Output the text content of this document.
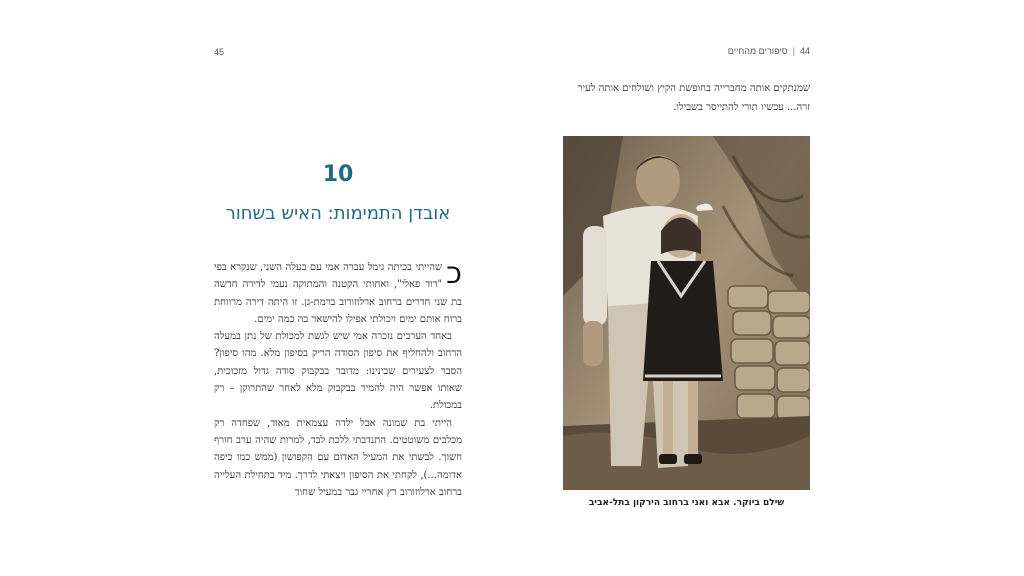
45
10
אובדן התמימות: האיש בשחור

כ
שהייתי בכיתה גימל עברה אמי עם בעלה השני, שנקרא בפי "דוד פאלי", ואחותי הקטנה והמתוקה נעמי לדירה חדשה בת שני חדרים ברחוב ארלוזורוב ברמת-גן. זו היתה דירה מרווחת ברוח אותם ימים ויכולתי אפילו להישאר בה כמה ימים.

באחד הערבים נזכרה אמי שיש לגשת למכולת של נתן במעלה הרחוב ולהחליף את סיפון הסודה הריק בסיפון מלא. מהו סיפון? הסבר לצעירים שבינינו: מדובר בבקבוק סודה גדול מזכוכית, שאותו אפשר היה להמיר בבקבוק מלא לאחר שהתרוקן – רק במכולת.

הייתי בת שמונה אבל ילדה עצמאית מאוד, שפחדה רק מכלבים משוטטים. התנדבתי ללכת לבד, למרות שהיה ערב חורף חשוך. לבשתי את המעיל האדום עם הקפושון (ממש כמו כיפה אדומה...), לקחתי את הסיפון ויצאתי לדרך. מיד בתחילת העלייה ברחוב ארלוזורוב רץ אחריי גבר במעיל שחור

44|סיפורים מהחיים

שמנתקים אותה מחברייה בחופשת הקיץ ושולחים אותה לעיר

זרה... עכשיו תורי להתייסר בשבילו.

שילם ביוקר. אבא ואני ברחוב הירקון בתל-אביב
